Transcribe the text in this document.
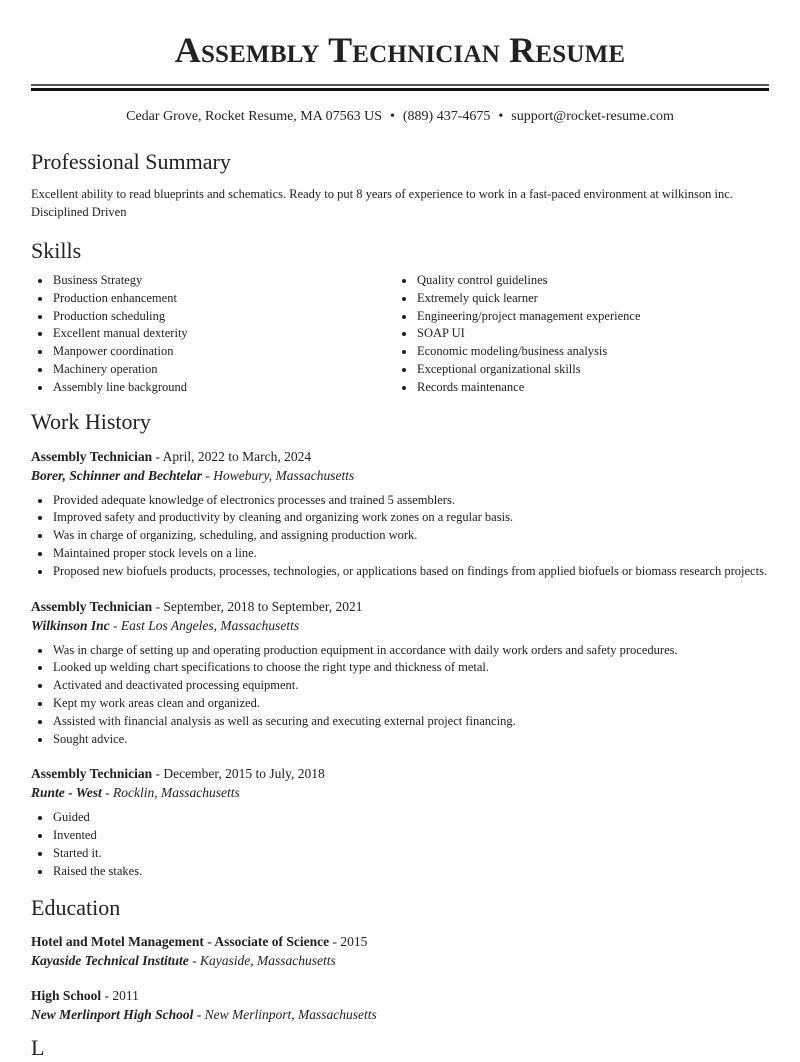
Assembly Technician Resume
Cedar Grove, Rocket Resume, MA 07563 US • (889) 437-4675 • support@rocket-resume.com
Professional Summary

Excellent ability to read blueprints and schematics. Ready to put 8 years of experience to work in a fast-paced environment at wilkinson inc. Disciplined Driven

Skills
Business Strategy
Production enhancement
Production scheduling
Excellent manual dexterity
Manpower coordination
Machinery operation
Assembly line background
Quality control guidelines
Extremely quick learner
Engineering/project management experience
SOAP UI
Economic modeling/business analysis
Exceptional organizational skills
Records maintenance
Work History
Assembly Technician - April, 2022 to March, 2024
Borer, Schinner and Bechtelar - Howebury, Massachusetts
Provided adequate knowledge of electronics processes and trained 5 assemblers.
Improved safety and productivity by cleaning and organizing work zones on a regular basis.
Was in charge of organizing, scheduling, and assigning production work.
Maintained proper stock levels on a line.
Proposed new biofuels products, processes, technologies, or applications based on findings from applied biofuels or biomass research projects.
Assembly Technician - September, 2018 to September, 2021
Wilkinson Inc - East Los Angeles, Massachusetts
Was in charge of setting up and operating production equipment in accordance with daily work orders and safety procedures.
Looked up welding chart specifications to choose the right type and thickness of metal.
Activated and deactivated processing equipment.
Kept my work areas clean and organized.
Assisted with financial analysis as well as securing and executing external project financing.
Sought advice.
Assembly Technician - December, 2015 to July, 2018
Runte - West - Rocklin, Massachusetts
Guided
Invented
Started it.
Raised the stakes.
Education
Hotel and Motel Management - Associate of Science - 2015
Kayaside Technical Institute - Kayaside, Massachusetts
High School - 2011
New Merlinport High School - New Merlinport, Massachusetts
L
